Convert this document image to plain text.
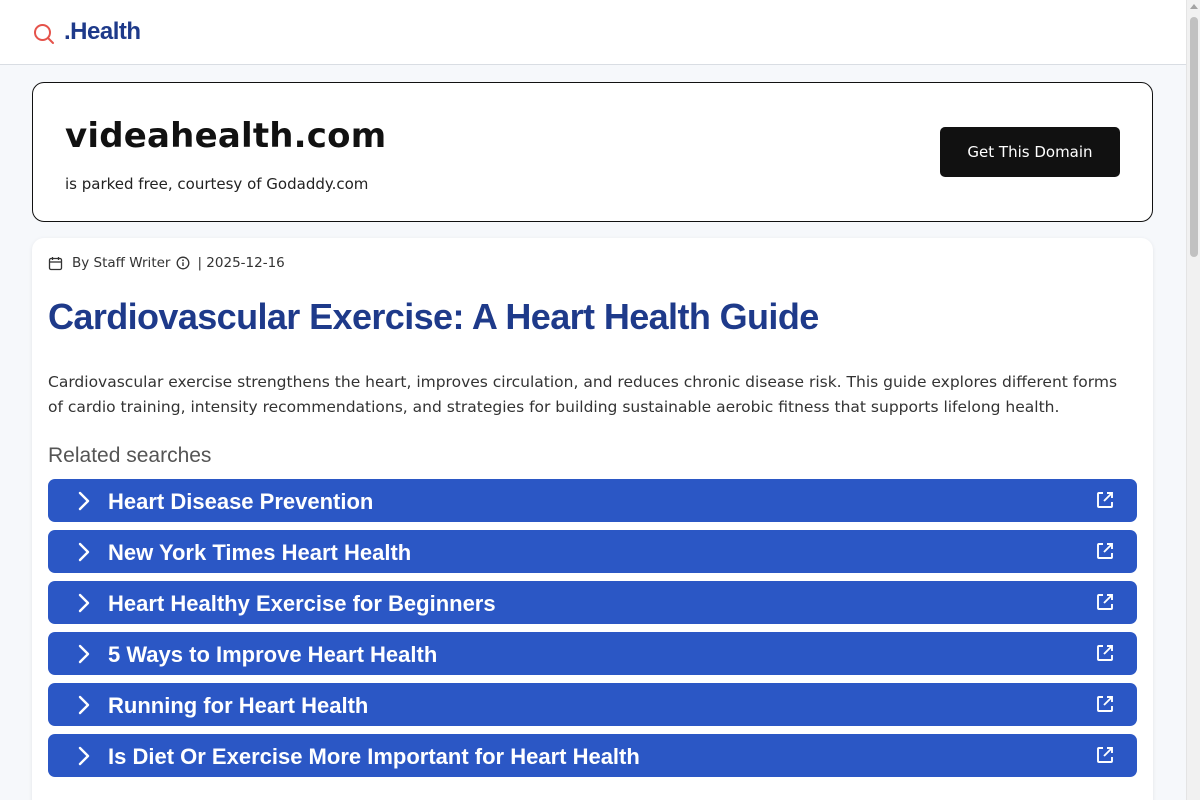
.Health
videahealth.com
is parked free, courtesy of Godaddy.com
Get This Domain
By Staff Writer | 2025-12-16
Cardiovascular Exercise: A Heart Health Guide

Cardiovascular exercise strengthens the heart, improves circulation, and reduces chronic disease risk. This guide explores different forms of cardio training, intensity recommendations, and strategies for building sustainable aerobic fitness that supports lifelong health.

Related searches
Heart Disease Prevention
New York Times Heart Health
Heart Healthy Exercise for Beginners
5 Ways to Improve Heart Health
Running for Heart Health
Is Diet Or Exercise More Important for Heart Health
